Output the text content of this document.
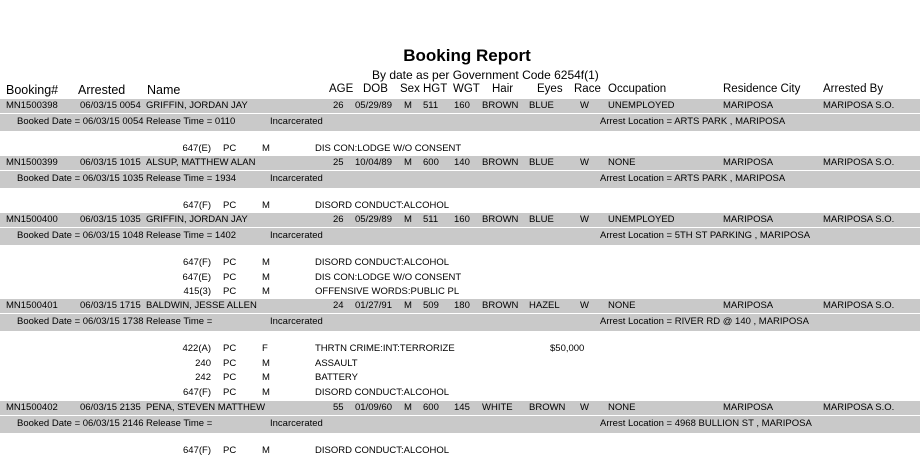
Booking Report
By date as per Government Code 6254f(1)
Booking# Arrested Name	AGE DOB Sex HGT WGT Hair Eyes Race Occupation	Residence City Arrested By
MN1500398 06/03/15 0054 GRIFFIN, JORDAN JAY	26 05/29/89 M 511 160 BROWN BLUE	W UNEMPLOYED	MARIPOSA	MARIPOSA S.O.
Booked Date = 06/03/15 0054 Release Time = 0110	Incarcerated	Arrest Location = ARTS PARK , MARIPOSA
647(E) PC	M	DIS CON:LODGE W/O CONSENT
MN1500399 06/03/15 1015 ALSUP, MATTHEW ALAN	25 10/04/89 M 600 140 BROWN BLUE	W NONE	MARIPOSA	MARIPOSA S.O.
Booked Date = 06/03/15 1035 Release Time = 1934	Incarcerated	Arrest Location = ARTS PARK , MARIPOSA
647(F) PC	M	DISORD CONDUCT:ALCOHOL
MN1500400 06/03/15 1035 GRIFFIN, JORDAN JAY	26 05/29/89 M 511 160 BROWN BLUE	W UNEMPLOYED	MARIPOSA	MARIPOSA S.O.
Booked Date = 06/03/15 1048 Release Time = 1402	Incarcerated	Arrest Location = 5TH ST PARKING , MARIPOSA
647(F) PC	M	DISORD CONDUCT:ALCOHOL
647(E) PC	M	DIS CON:LODGE W/O CONSENT
415(3) PC	M	OFFENSIVE WORDS:PUBLIC PL
MN1500401 06/03/15 1715 BALDWIN, JESSE ALLEN	24 01/27/91 M 509 180 BROWN HAZEL W NONE	MARIPOSA	MARIPOSA S.O.
Booked Date = 06/03/15 1738 Release Time =	Incarcerated	Arrest Location = RIVER RD @ 140 , MARIPOSA
422(A) PC	F	THRTN CRIME:INT:TERRORIZE	$50,000
240 PC	M	ASSAULT
242 PC	M	BATTERY
647(F) PC	M	DISORD CONDUCT:ALCOHOL
MN1500402 06/03/15 2135 PENA, STEVEN MATTHEW	55 01/09/60 M 600 145 WHITE BROWN W NONE	MARIPOSA	MARIPOSA S.O.
Booked Date = 06/03/15 2146 Release Time =	Incarcerated	Arrest Location = 4968 BULLION ST , MARIPOSA
647(F) PC	M	DISORD CONDUCT:ALCOHOL
